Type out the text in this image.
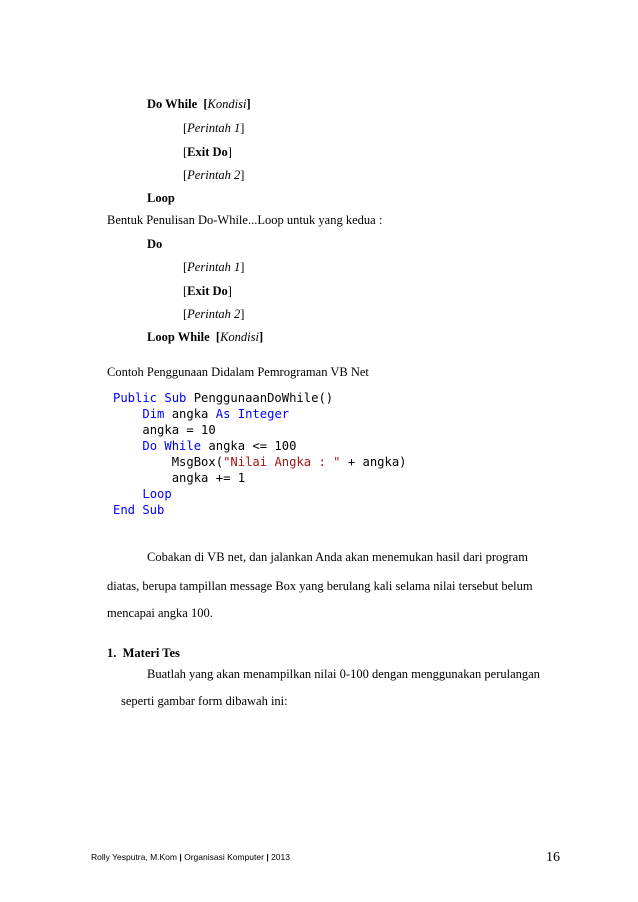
Do While [Kondisi]
[Perintah 1]
[Exit Do]
[Perintah 2]
Loop
Bentuk Penulisan Do-While...Loop untuk yang kedua :
Do
[Perintah 1]
[Exit Do]
[Perintah 2]
Loop While [Kondisi]
Contoh Penggunaan Didalam Pemrograman VB Net
Public Sub PenggunaanDoWhile()
Dim angka As Integer
angka = 10
Do While angka <= 100
MsgBox("Nilai Angka : " + angka)
angka += 1
Loop
End Sub
Cobakan di VB net, dan jalankan Anda akan menemukan hasil dari program
diatas, berupa tampillan message Box yang berulang kali selama nilai tersebut belum
mencapai angka 100.
1. Materi Tes
Buatlah yang akan menampilkan nilai 0-100 dengan menggunakan perulangan
seperti gambar form dibawah ini:
Rolly Yesputra, M.Kom | Organisasi Komputer | 2013	16
